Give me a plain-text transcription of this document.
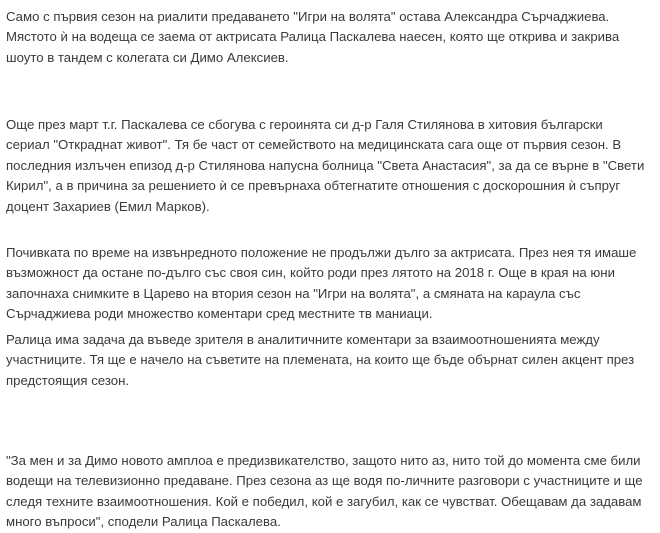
Само с първия сезон на риалити предаването "Игри на волята" остава Александра Сърчаджиева.
Мястото ѝ на водеща се заема от актрисата Ралица Паскалева наесен, която ще открива и закрива
шоуто в тандем с колегата си Димо Алексиев.

Още през март т.г. Паскалева се сбогува с героинята си д-р Галя Стилянова в хитовия български
сериал "Откраднат живот". Тя бе част от семейството на медицинската сага още от първия сезон. В
последния излъчен епизод д-р Стилянова напусна болница "Света Анастасия", за да се върне в "Свети
Кирил", а в причина за решението ѝ се превърнаха обтегнатите отношения с доскорошния ѝ съпруг
доцент Захариев (Емил Марков).

Почивката по време на извънредното положение не продължи дълго за актрисата. През нея тя имаше
възможност да остане по-дълго със своя син, който роди през лятото на 2018 г. Още в края на юни
започнаха снимките в Царево на втория сезон на "Игри на волята", а смяната на караула със
Сърчаджиева роди множество коментари сред местните тв маниаци.

Ралица има задача да въведе зрителя в аналитичните коментари за взаимоотношенията между
участниците. Тя ще е начело на съветите на племената, на които ще бъде обърнат силен акцент през
предстоящия сезон.

"За мен и за Димо новото амплоа е предизвикателство, защото нито аз, нито той до момента сме били
водещи на телевизионно предаване. През сезона аз ще водя по-личните разговори с участниците и ще
следя техните взаимоотношения. Кой е победил, кой е загубил, как се чувстват. Обещавам да задавам
много въпроси", сподели Ралица Паскалева.
